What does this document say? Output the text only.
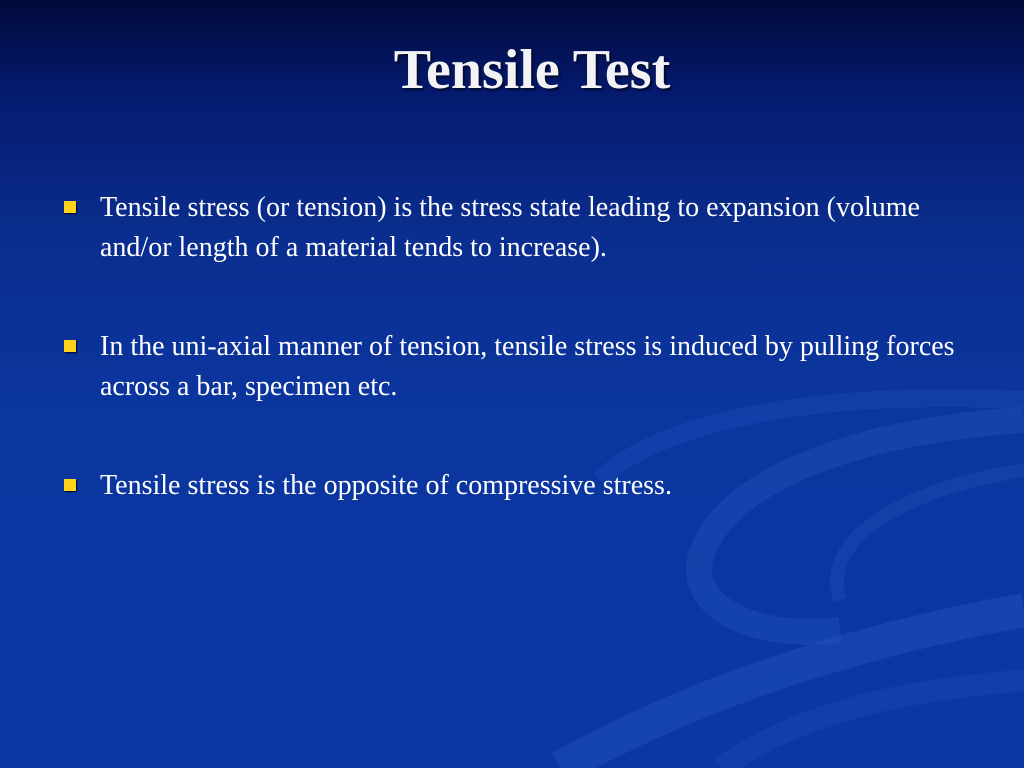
Tensile Test
Tensile stress (or tension) is the stress state leading to expansion (volume and/or length of a material tends to increase).
In the uni-axial manner of tension, tensile stress is induced by pulling forces across a bar, specimen etc.
Tensile stress is the opposite of compressive stress.
